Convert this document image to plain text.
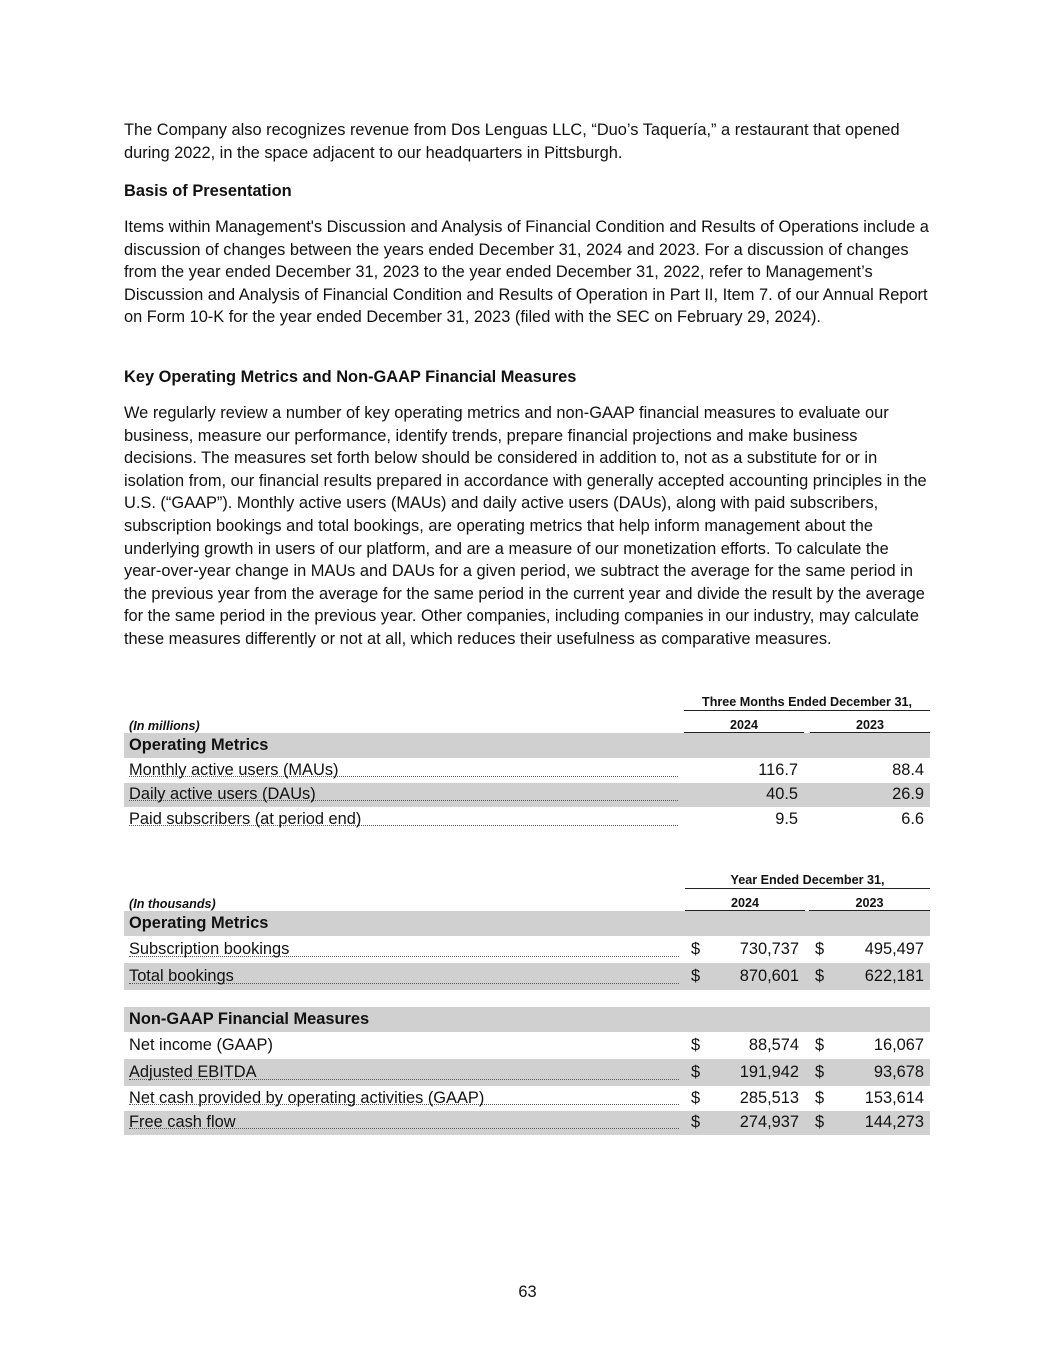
The Company also recognizes revenue from Dos Lenguas LLC, “Duo’s Taquería,” a restaurant that opened during 2022, in the space adjacent to our headquarters in Pittsburgh.

Basis of Presentation

Items within Management's Discussion and Analysis of Financial Condition and Results of Operations include a discussion of changes between the years ended December 31, 2024 and 2023. For a discussion of changes from the year ended December 31, 2023 to the year ended December 31, 2022, refer to Management’s Discussion and Analysis of Financial Condition and Results of Operation in Part II, Item 7. of our Annual Report on Form 10-K for the year ended December 31, 2023 (filed with the SEC on February 29, 2024).

Key Operating Metrics and Non-GAAP Financial Measures

We regularly review a number of key operating metrics and non-GAAP financial measures to evaluate our business, measure our performance, identify trends, prepare financial projections and make business decisions. The measures set forth below should be considered in addition to, not as a substitute for or in isolation from, our financial results prepared in accordance with generally accepted accounting principles in the U.S. (“GAAP”). Monthly active users (MAUs) and daily active users (DAUs), along with paid subscribers, subscription bookings and total bookings, are operating metrics that help inform management about the underlying growth in users of our platform, and are a measure of our monetization efforts. To calculate the year-over-year change in MAUs and DAUs for a given period, we subtract the average for the same period in the previous year from the average for the same period in the current year and divide the result by the average for the same period in the previous year. Other companies, including companies in our industry, may calculate these measures differently or not at all, which reduces their usefulness as comparative measures.

	Three Months Ended December 31,		
(In millions)	2024		2023
Operating Metrics			
Monthly active users (MAUs)	116.7		88.4
Daily active users (DAUs)	40.5		26.9
Paid subscribers (at period end)	9.5		6.6
	Year Ended December 31,				
(In thousands)	2024			2023	
Operating Metrics					
Subscription bookings	$	730,737		$	495,497
Total bookings	$	870,601		$	622,181

Non-GAAP Financial Measures					
Net income (GAAP)	$	88,574		$	16,067
Adjusted EBITDA	$	191,942		$	93,678
Net cash provided by operating activities (GAAP)	$	285,513		$	153,614
Free cash flow	$	274,937		$	144,273
63
